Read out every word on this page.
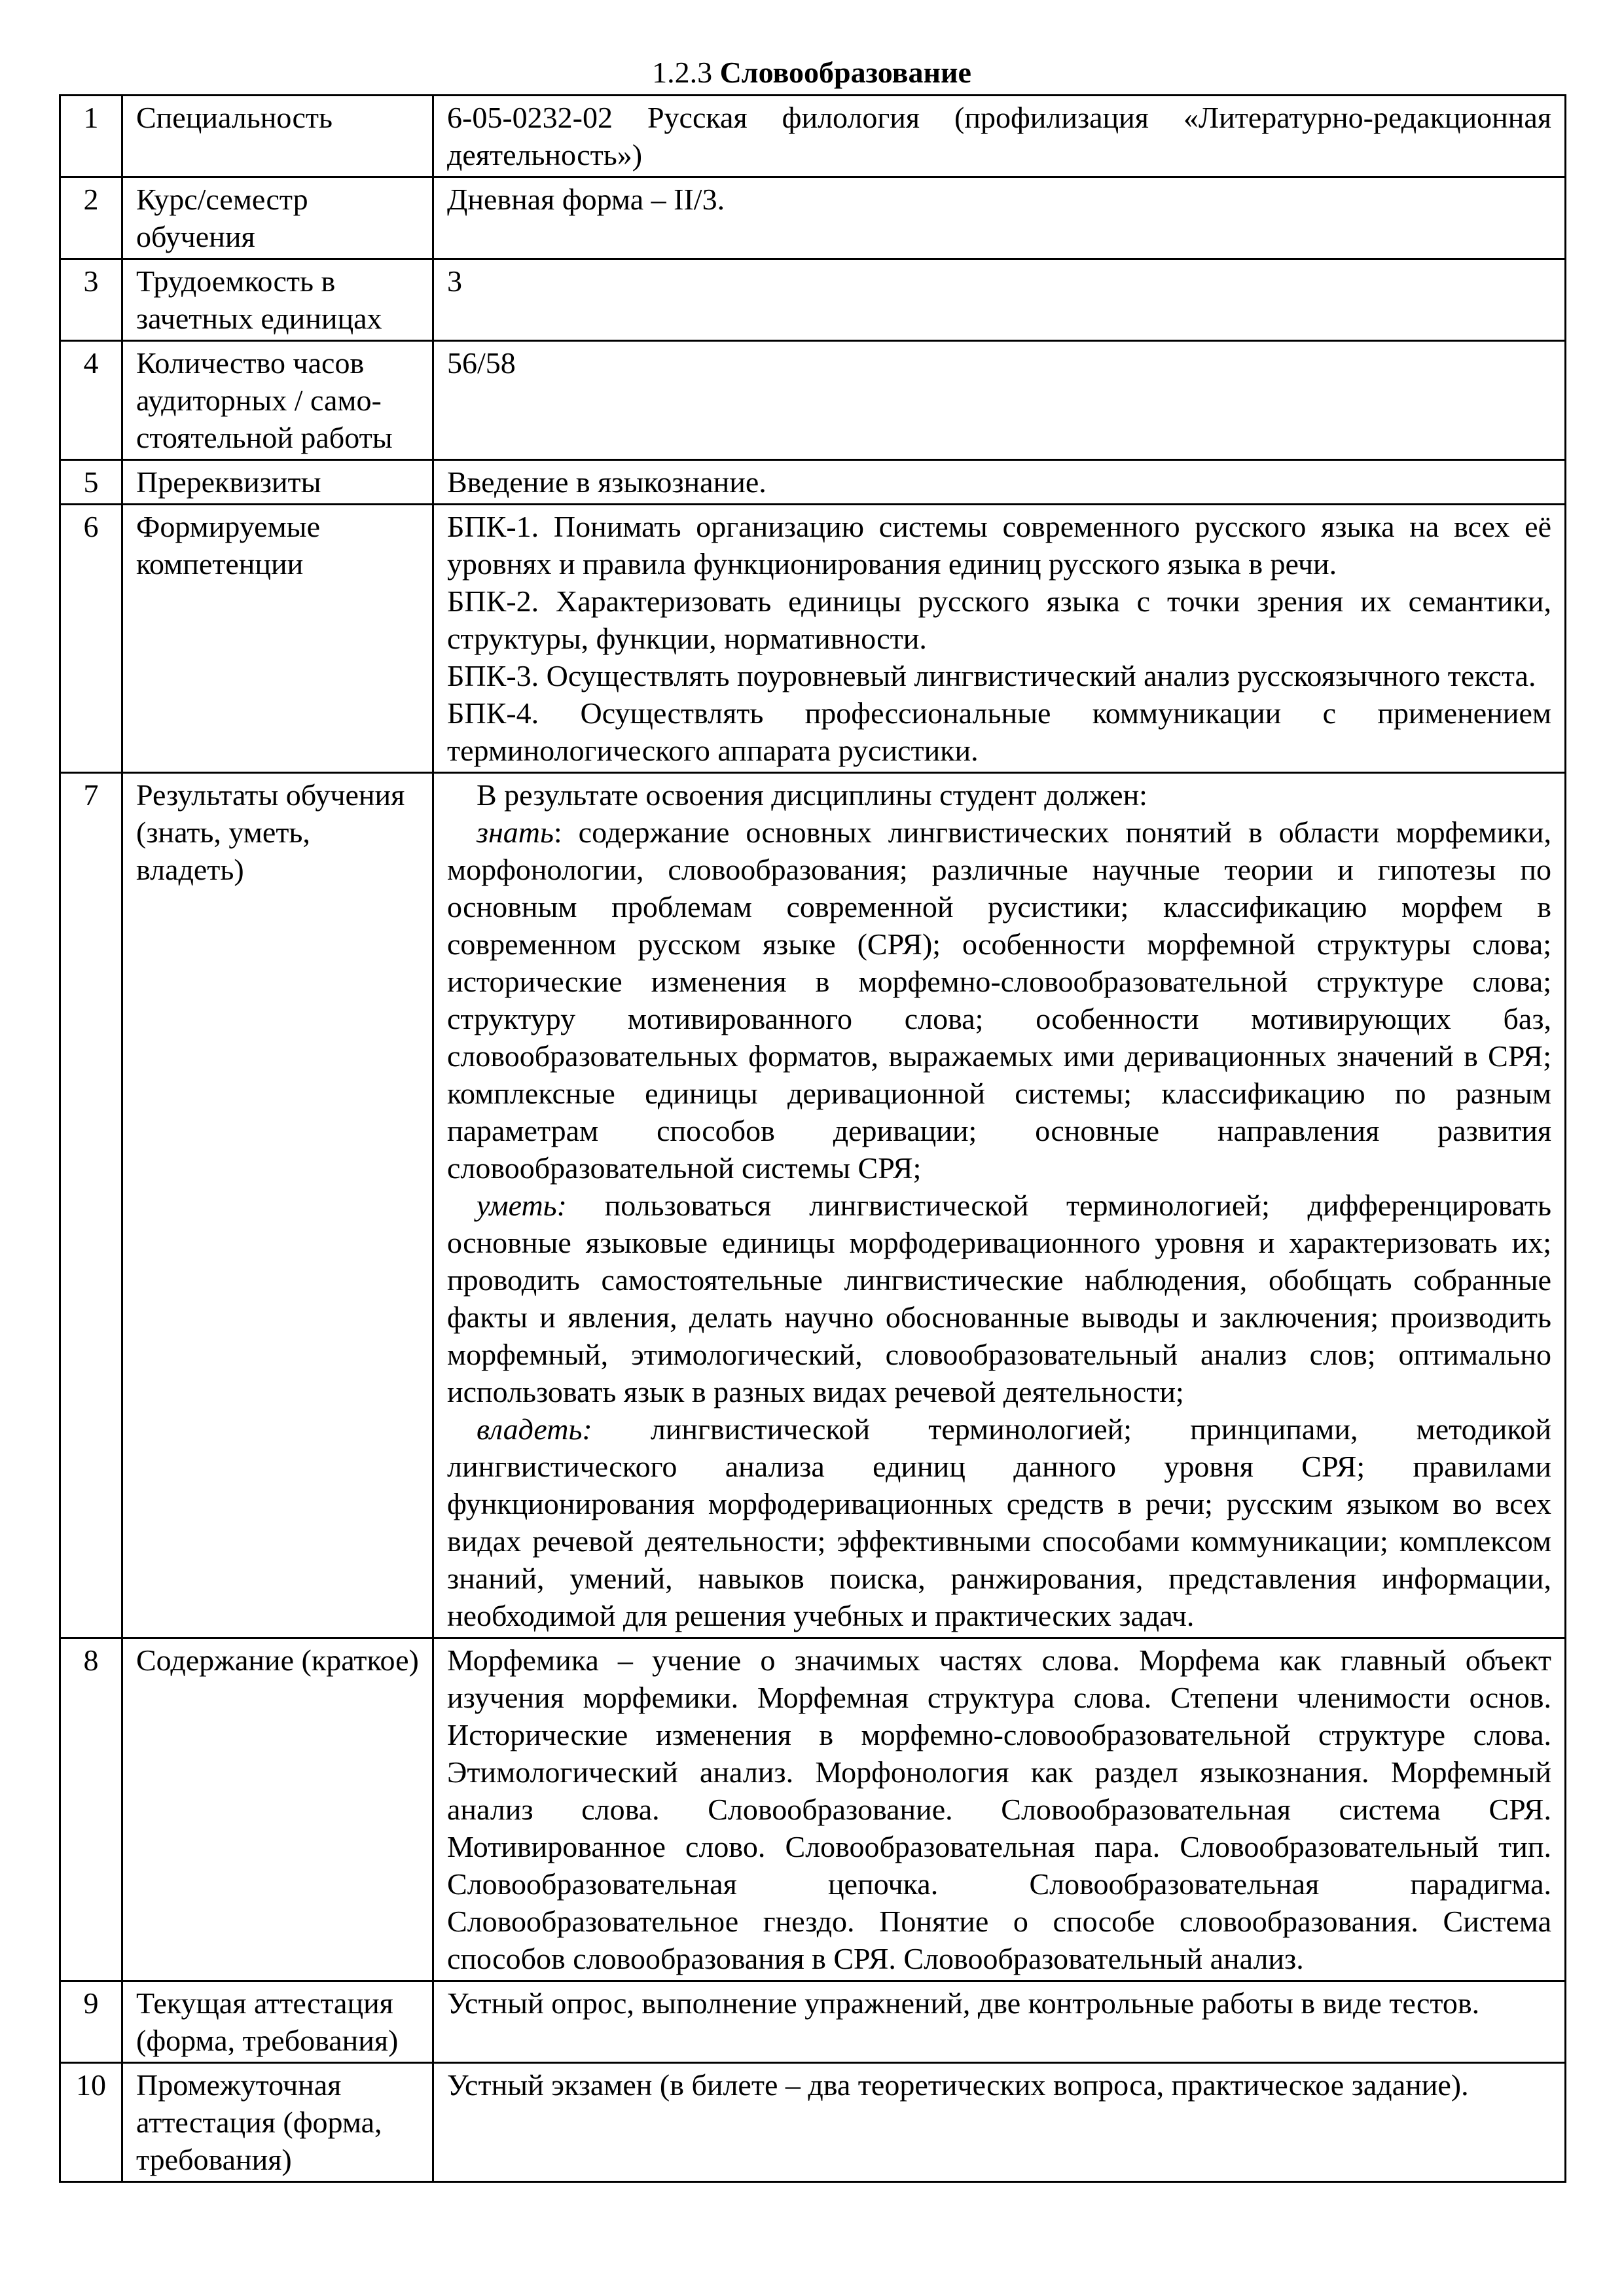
1.2.3 Словообразование
1	Специальность	6-05-0232-02 Русская филология (профилизация «Литературно-редакционная деятельность»)
2	Курс/семестр обучения	Дневная форма – II/3.
3	Трудоемкость в зачетных единицах	3
4	Количество часов аудиторных / само-стоятельной работы	56/58
5	Пререквизиты	Введение в языкознание.
6	Формируемые компетенции	БПК-1. Понимать организацию системы современного русского языка на всех её уровнях и правила функционирования единиц русского языка в речи.

БПК-2. Характеризовать единицы русского языка с точки зрения их семантики, структуры, функции, нормативности.

БПК-3. Осуществлять поуровневый лингвистический анализ русскоязычного текста.

БПК-4. Осуществлять профессиональные коммуникации с применением терминологического аппарата русистики.

7	Результаты обучения (знать, уметь, владеть)	В результате освоения дисциплины студент должен:

знать: содержание основных лингвистических понятий в области морфемики, морфонологии, словообразования; различные научные теории и гипотезы по основным проблемам современной русистики; классификацию морфем в современном русском языке (СРЯ); особенности морфемной структуры слова; исторические изменения в морфемно-словообразовательной структуре слова; структуру мотивированного слова; особенности мотивирующих баз, словообразовательных форматов, выражаемых ими деривационных значений в СРЯ; комплексные единицы деривационной системы; классификацию по разным параметрам способов деривации; основные направления развития словообразовательной системы СРЯ;

уметь: пользоваться лингвистической терминологией; дифференцировать основные языковые единицы морфодеривационного уровня и характеризовать их; проводить самостоятельные лингвистические наблюдения, обобщать собранные факты и явления, делать научно обоснованные выводы и заключения; производить морфемный, этимологический, словообразовательный анализ слов; оптимально использовать язык в разных видах речевой деятельности;

владеть: лингвистической терминологией; принципами, методикой лингвистического анализа единиц данного уровня СРЯ; правилами функционирования морфодеривационных средств в речи; русским языком во всех видах речевой деятельности; эффективными способами коммуникации; комплексом знаний, умений, навыков поиска, ранжирования, представления информации, необходимой для решения учебных и практических задач.

8	Содержание (краткое)	Морфемика – учение о значимых частях слова. Морфема как главный объект изучения морфемики. Морфемная структура слова. Степени членимости основ. Исторические изменения в морфемно-словообразовательной структуре слова. Этимологический анализ. Морфонология как раздел языкознания. Морфемный анализ слова. Словообразование. Словообразовательная система СРЯ. Мотивированное слово. Словообразовательная пара. Словообразовательный тип. Словообразовательная цепочка. Словообразовательная парадигма. Словообразовательное гнездо. Понятие о способе словообразования. Система способов словообразования в СРЯ. Словообразовательный анализ.
9	Текущая аттестация (форма, требования)	Устный опрос, выполнение упражнений, две контрольные работы в виде тестов.
10	Промежуточная аттестация (форма, требования)	Устный экзамен (в билете – два теоретических вопроса, практическое задание).
